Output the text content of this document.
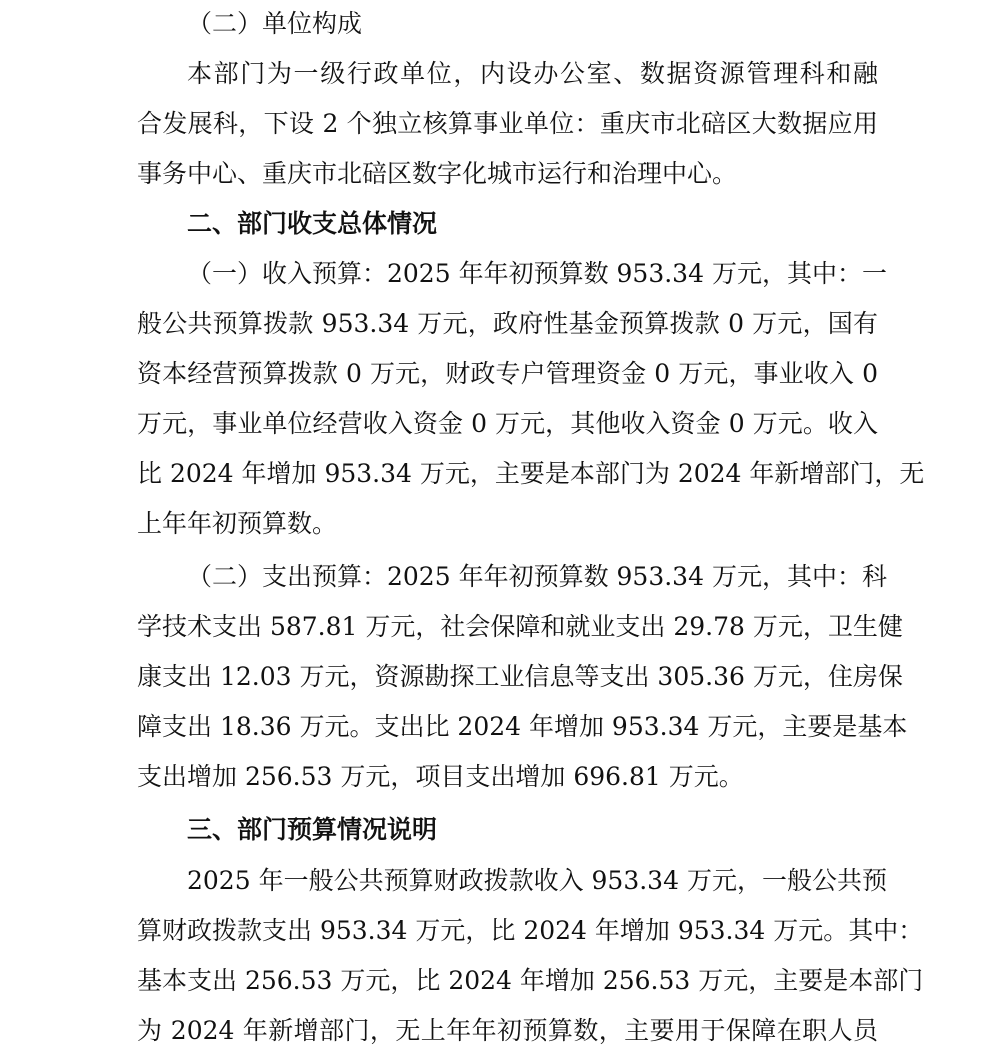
（二）单位构成
本部门为一级行政单位，内设办公室、数据资源管理科和融
合发展科，下设 2 个独立核算事业单位：重庆市北碚区大数据应用
事务中心、重庆市北碚区数字化城市运行和治理中心。
二、部门收支总体情况
（一）收入预算：2025 年年初预算数 953.34 万元，其中：一
般公共预算拨款 953.34 万元，政府性基金预算拨款 0 万元，国有
资本经营预算拨款 0 万元，财政专户管理资金 0 万元，事业收入 0
万元，事业单位经营收入资金 0 万元，其他收入资金 0 万元。收入
比 2024 年增加 953.34 万元，主要是本部门为 2024 年新增部门，无
上年年初预算数。
（二）支出预算：2025 年年初预算数 953.34 万元，其中：科
学技术支出 587.81 万元，社会保障和就业支出 29.78 万元，卫生健
康支出 12.03 万元，资源勘探工业信息等支出 305.36 万元，住房保
障支出 18.36 万元。支出比 2024 年增加 953.34 万元，主要是基本
支出增加 256.53 万元，项目支出增加 696.81 万元。
三、部门预算情况说明
2025 年一般公共预算财政拨款收入 953.34 万元，一般公共预
算财政拨款支出 953.34 万元，比 2024 年增加 953.34 万元。其中：
基本支出 256.53 万元，比 2024 年增加 256.53 万元，主要是本部门
为 2024 年新增部门，无上年年初预算数，主要用于保障在职人员
